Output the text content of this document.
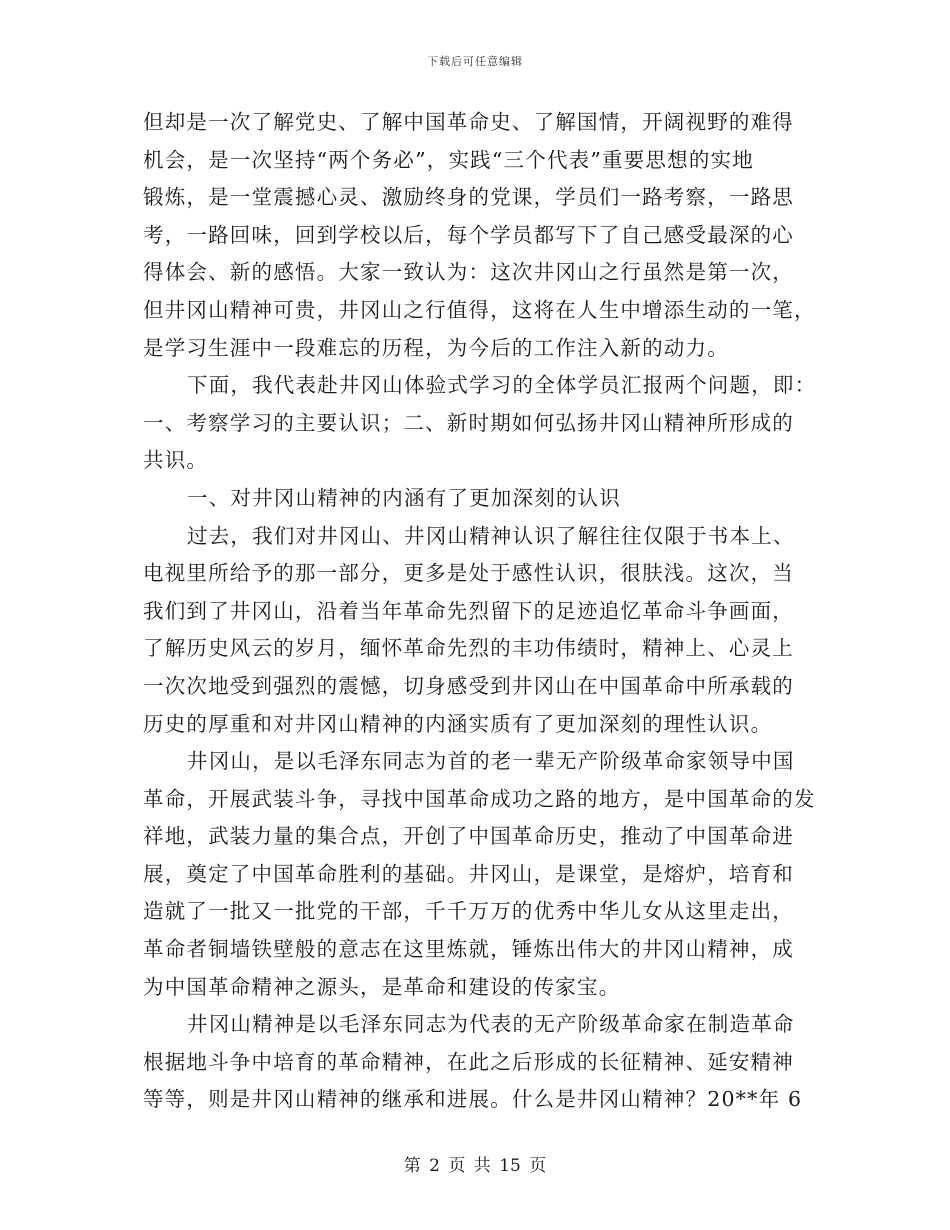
下载后可任意编辑
但却是一次了解党史、了解中国革命史、了解国情，开阔视野的难得
机会，是一次坚持“两个务必”，实践“三个代表”重要思想的实地
锻炼，是一堂震撼心灵、激励终身的党课，学员们一路考察，一路思
考，一路回味，回到学校以后，每个学员都写下了自己感受最深的心
得体会、新的感悟。大家一致认为：这次井冈山之行虽然是第一次，
但井冈山精神可贵，井冈山之行值得，这将在人生中增添生动的一笔，
是学习生涯中一段难忘的历程，为今后的工作注入新的动力。
下面，我代表赴井冈山体验式学习的全体学员汇报两个问题，即：
一、考察学习的主要认识；二、新时期如何弘扬井冈山精神所形成的
共识。
一、对井冈山精神的内涵有了更加深刻的认识
过去，我们对井冈山、井冈山精神认识了解往往仅限于书本上、
电视里所给予的那一部分，更多是处于感性认识，很肤浅。这次，当
我们到了井冈山，沿着当年革命先烈留下的足迹追忆革命斗争画面，
了解历史风云的岁月，缅怀革命先烈的丰功伟绩时，精神上、心灵上
一次次地受到强烈的震憾，切身感受到井冈山在中国革命中所承载的
历史的厚重和对井冈山精神的内涵实质有了更加深刻的理性认识。
井冈山，是以毛泽东同志为首的老一辈无产阶级革命家领导中国
革命，开展武装斗争，寻找中国革命成功之路的地方，是中国革命的发
祥地，武装力量的集合点，开创了中国革命历史，推动了中国革命进
展，奠定了中国革命胜利的基础。井冈山，是课堂，是熔炉，培育和
造就了一批又一批党的干部，千千万万的优秀中华儿女从这里走出，
革命者铜墙铁壁般的意志在这里炼就，锤炼出伟大的井冈山精神，成
为中国革命精神之源头，是革命和建设的传家宝。
井冈山精神是以毛泽东同志为代表的无产阶级革命家在制造革命
根据地斗争中培育的革命精神，在此之后形成的长征精神、延安精神
等等，则是井冈山精神的继承和进展。什么是井冈山精神？20**年 6
第 2 页 共 15 页
